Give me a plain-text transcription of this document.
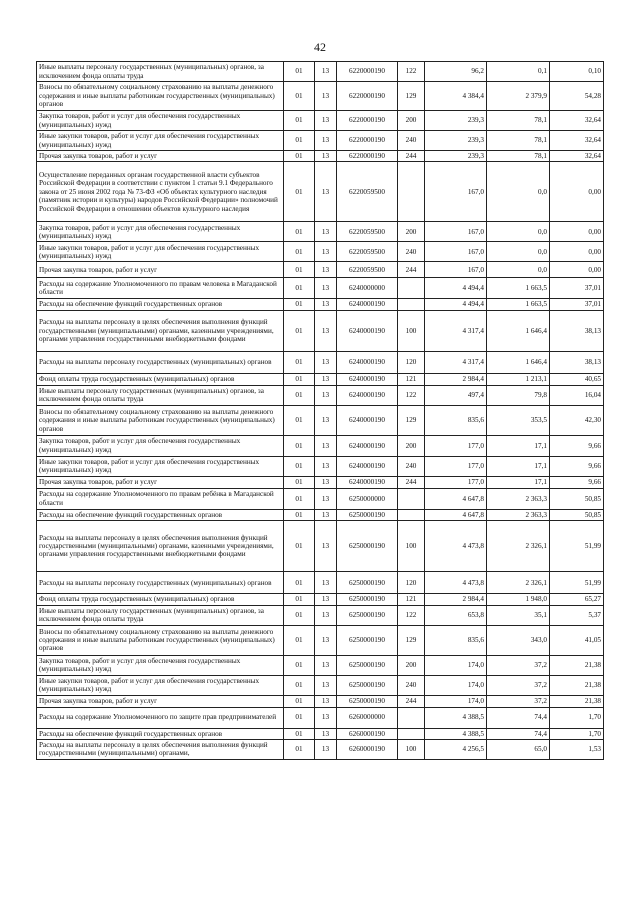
42
Иные выплаты персоналу государственных (муниципальных) органов, за исключением фонда оплаты труда	01	13	6220000190	122	96,2	0,1	0,10
Взносы по обязательному социальному страхованию на выплаты денежного содержания и иные выплаты работникам государственных (муниципальных) органов	01	13	6220000190	129	4 384,4	2 379,9	54,28
Закупка товаров, работ и услуг для обеспечения государственных (муниципальных) нужд	01	13	6220000190	200	239,3	78,1	32,64
Иные закупки товаров, работ и услуг для обеспечения государственных (муниципальных) нужд	01	13	6220000190	240	239,3	78,1	32,64
Прочая закупка товаров, работ и услуг	01	13	6220000190	244	239,3	78,1	32,64
Осуществление переданных органам государственной власти субъектов Российской Федерации в соответствии с пунктом 1 статьи 9.1 Федерального закона от 25 июня 2002 года № 73-ФЗ «Об объектах культурного наследия (памятник истории и культуры) народов Российской Федерации» полномочий Российской Федерации в отношении объектов культурного наследия	01	13	6220059500		167,0	0,0	0,00
Закупка товаров, работ и услуг для обеспечения государственных (муниципальных) нужд	01	13	6220059500	200	167,0	0,0	0,00
Иные закупки товаров, работ и услуг для обеспечения государственных (муниципальных) нужд	01	13	6220059500	240	167,0	0,0	0,00
Прочая закупка товаров, работ и услуг	01	13	6220059500	244	167,0	0,0	0,00
Расходы на содержание Уполномоченного по правам человека в Магаданской области	01	13	6240000000		4 494,4	1 663,5	37,01
Расходы на обеспечение функций государственных органов	01	13	6240000190		4 494,4	1 663,5	37,01
Расходы на выплаты персоналу в целях обеспечения выполнения функций государственными (муниципальными) органами, казенными учреждениями, органами управления государственными внебюджетными фондами	01	13	6240000190	100	4 317,4	1 646,4	38,13
Расходы на выплаты персоналу государственных (муниципальных) органов	01	13	6240000190	120	4 317,4	1 646,4	38,13
Фонд оплаты труда государственных (муниципальных) органов	01	13	6240000190	121	2 984,4	1 213,1	40,65
Иные выплаты персоналу государственных (муниципальных) органов, за исключением фонда оплаты труда	01	13	6240000190	122	497,4	79,8	16,04
Взносы по обязательному социальному страхованию на выплаты денежного содержания и иные выплаты работникам государственных (муниципальных) органов	01	13	6240000190	129	835,6	353,5	42,30
Закупка товаров, работ и услуг для обеспечения государственных (муниципальных) нужд	01	13	6240000190	200	177,0	17,1	9,66
Иные закупки товаров, работ и услуг для обеспечения государственных (муниципальных) нужд	01	13	6240000190	240	177,0	17,1	9,66
Прочая закупка товаров, работ и услуг	01	13	6240000190	244	177,0	17,1	9,66
Расходы на содержание Уполномоченного по правам ребёнка в Магаданской области	01	13	6250000000		4 647,8	2 363,3	50,85
Расходы на обеспечение функций государственных органов	01	13	6250000190		4 647,8	2 363,3	50,85
Расходы на выплаты персоналу в целях обеспечения выполнения функций государственными (муниципальными) органами, казенными учреждениями, органами управления государственными внебюджетными фондами	01	13	6250000190	100	4 473,8	2 326,1	51,99
Расходы на выплаты персоналу государственных (муниципальных) органов	01	13	6250000190	120	4 473,8	2 326,1	51,99
Фонд оплаты труда государственных (муниципальных) органов	01	13	6250000190	121	2 984,4	1 948,0	65,27
Иные выплаты персоналу государственных (муниципальных) органов, за исключением фонда оплаты труда	01	13	6250000190	122	653,8	35,1	5,37
Взносы по обязательному социальному страхованию на выплаты денежного содержания и иные выплаты работникам государственных (муниципальных) органов	01	13	6250000190	129	835,6	343,0	41,05
Закупка товаров, работ и услуг для обеспечения государственных (муниципальных) нужд	01	13	6250000190	200	174,0	37,2	21,38
Иные закупки товаров, работ и услуг для обеспечения государственных (муниципальных) нужд	01	13	6250000190	240	174,0	37,2	21,38
Прочая закупка товаров, работ и услуг	01	13	6250000190	244	174,0	37,2	21,38
Расходы на содержание Уполномоченного по защите прав предпринимателей	01	13	6260000000		4 388,5	74,4	1,70
Расходы на обеспечение функций государственных органов	01	13	6260000190		4 388,5	74,4	1,70
Расходы на выплаты персоналу в целях обеспечения выполнения функций государственными (муниципальными) органами,	01	13	6260000190	100	4 256,5	65,0	1,53
